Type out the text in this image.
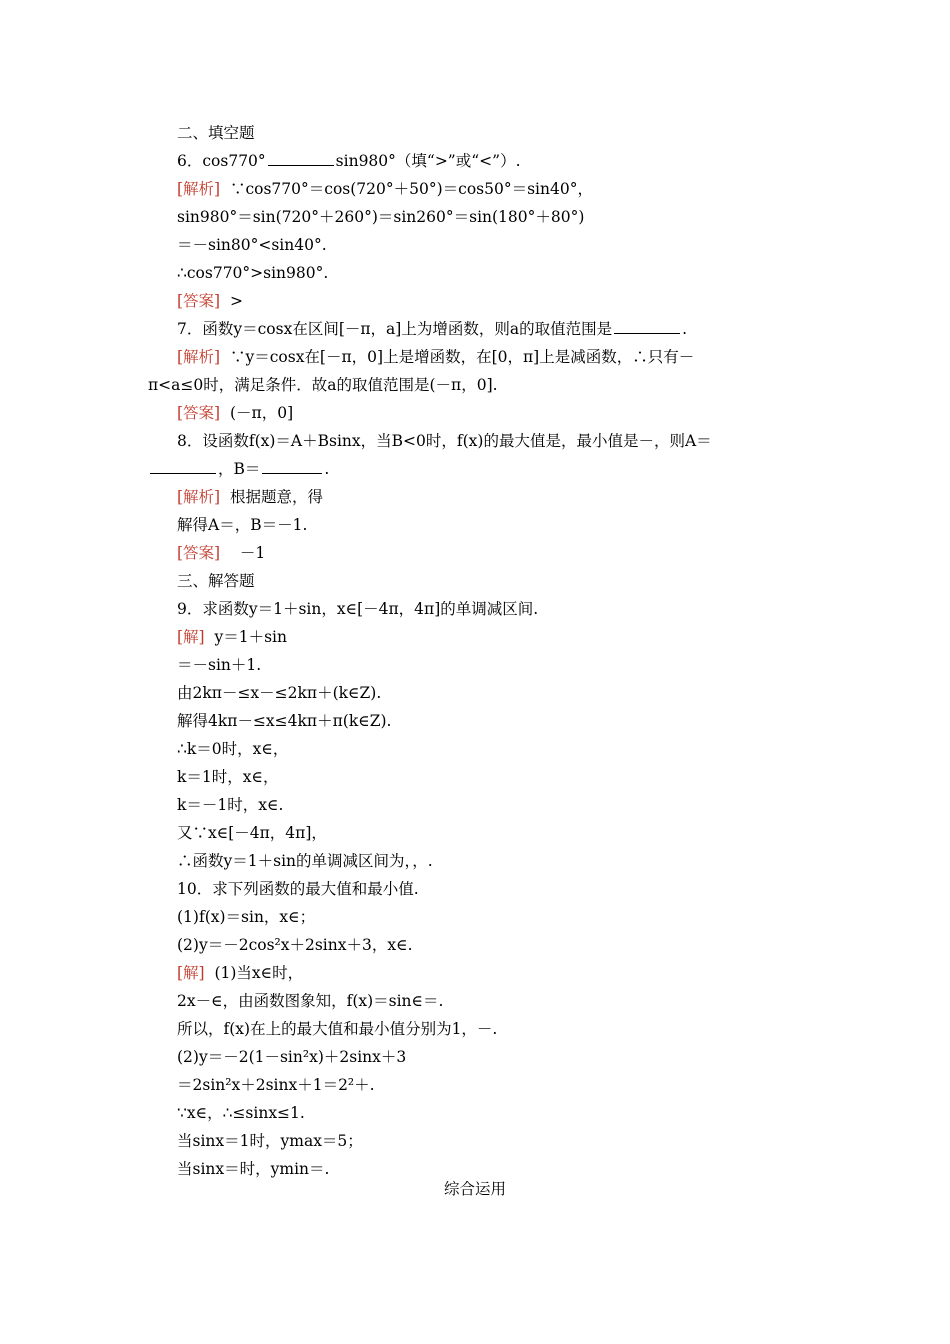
二、填空题
6．cos770°	sin980°（填“>”或“<”）.
[解析] ∵cos770°＝cos(720°＋50°)＝cos50°＝sin40°，
sin980°＝sin(720°＋260°)＝sin260°＝sin(180°＋80°)
＝－sin80°<sin40°.
∴cos770°>sin980°.
[答案] >
7．函数y＝cosx在区间[－π，a]上为增函数，则a的取值范围是	.
[解析] ∵y＝cosx在[－π，0]上是增函数，在[0，π]上是减函数，∴只有－
π<a≤0时，满足条件．故a的取值范围是(－π，0].
[答案] (－π，0]
8．设函数f(x)＝A＋Bsinx，当B<0时，f(x)的最大值是，最小值是－，则A＝
，B＝	.
[解析] 根据题意，得
解得A＝，B＝－1.
[答案] －1
三、解答题
9．求函数y＝1＋sin，x∈[－4π，4π]的单调减区间.
[解] y＝1＋sin
＝－sin＋1.
由2kπ－≤x－≤2kπ＋(k∈Z).
解得4kπ－≤x≤4kπ＋π(k∈Z).
∴k＝0时，x∈，
k＝1时，x∈，
k＝－1时，x∈.
又∵x∈[－4π，4π]，
∴函数y＝1＋sin的单调减区间为，，.
10．求下列函数的最大值和最小值.
(1)f(x)＝sin，x∈；
(2)y＝－2cos²x＋2sinx＋3，x∈.
[解] (1)当x∈时，
2x－∈，由函数图象知，f(x)＝sin∈＝.
所以，f(x)在上的最大值和最小值分别为1，－.
(2)y＝－2(1－sin²x)＋2sinx＋3
＝2sin²x＋2sinx＋1＝2²＋.
∵x∈，∴≤sinx≤1.
当sinx＝1时，ymax＝5；
当sinx＝时，ymin＝.
综合运用
